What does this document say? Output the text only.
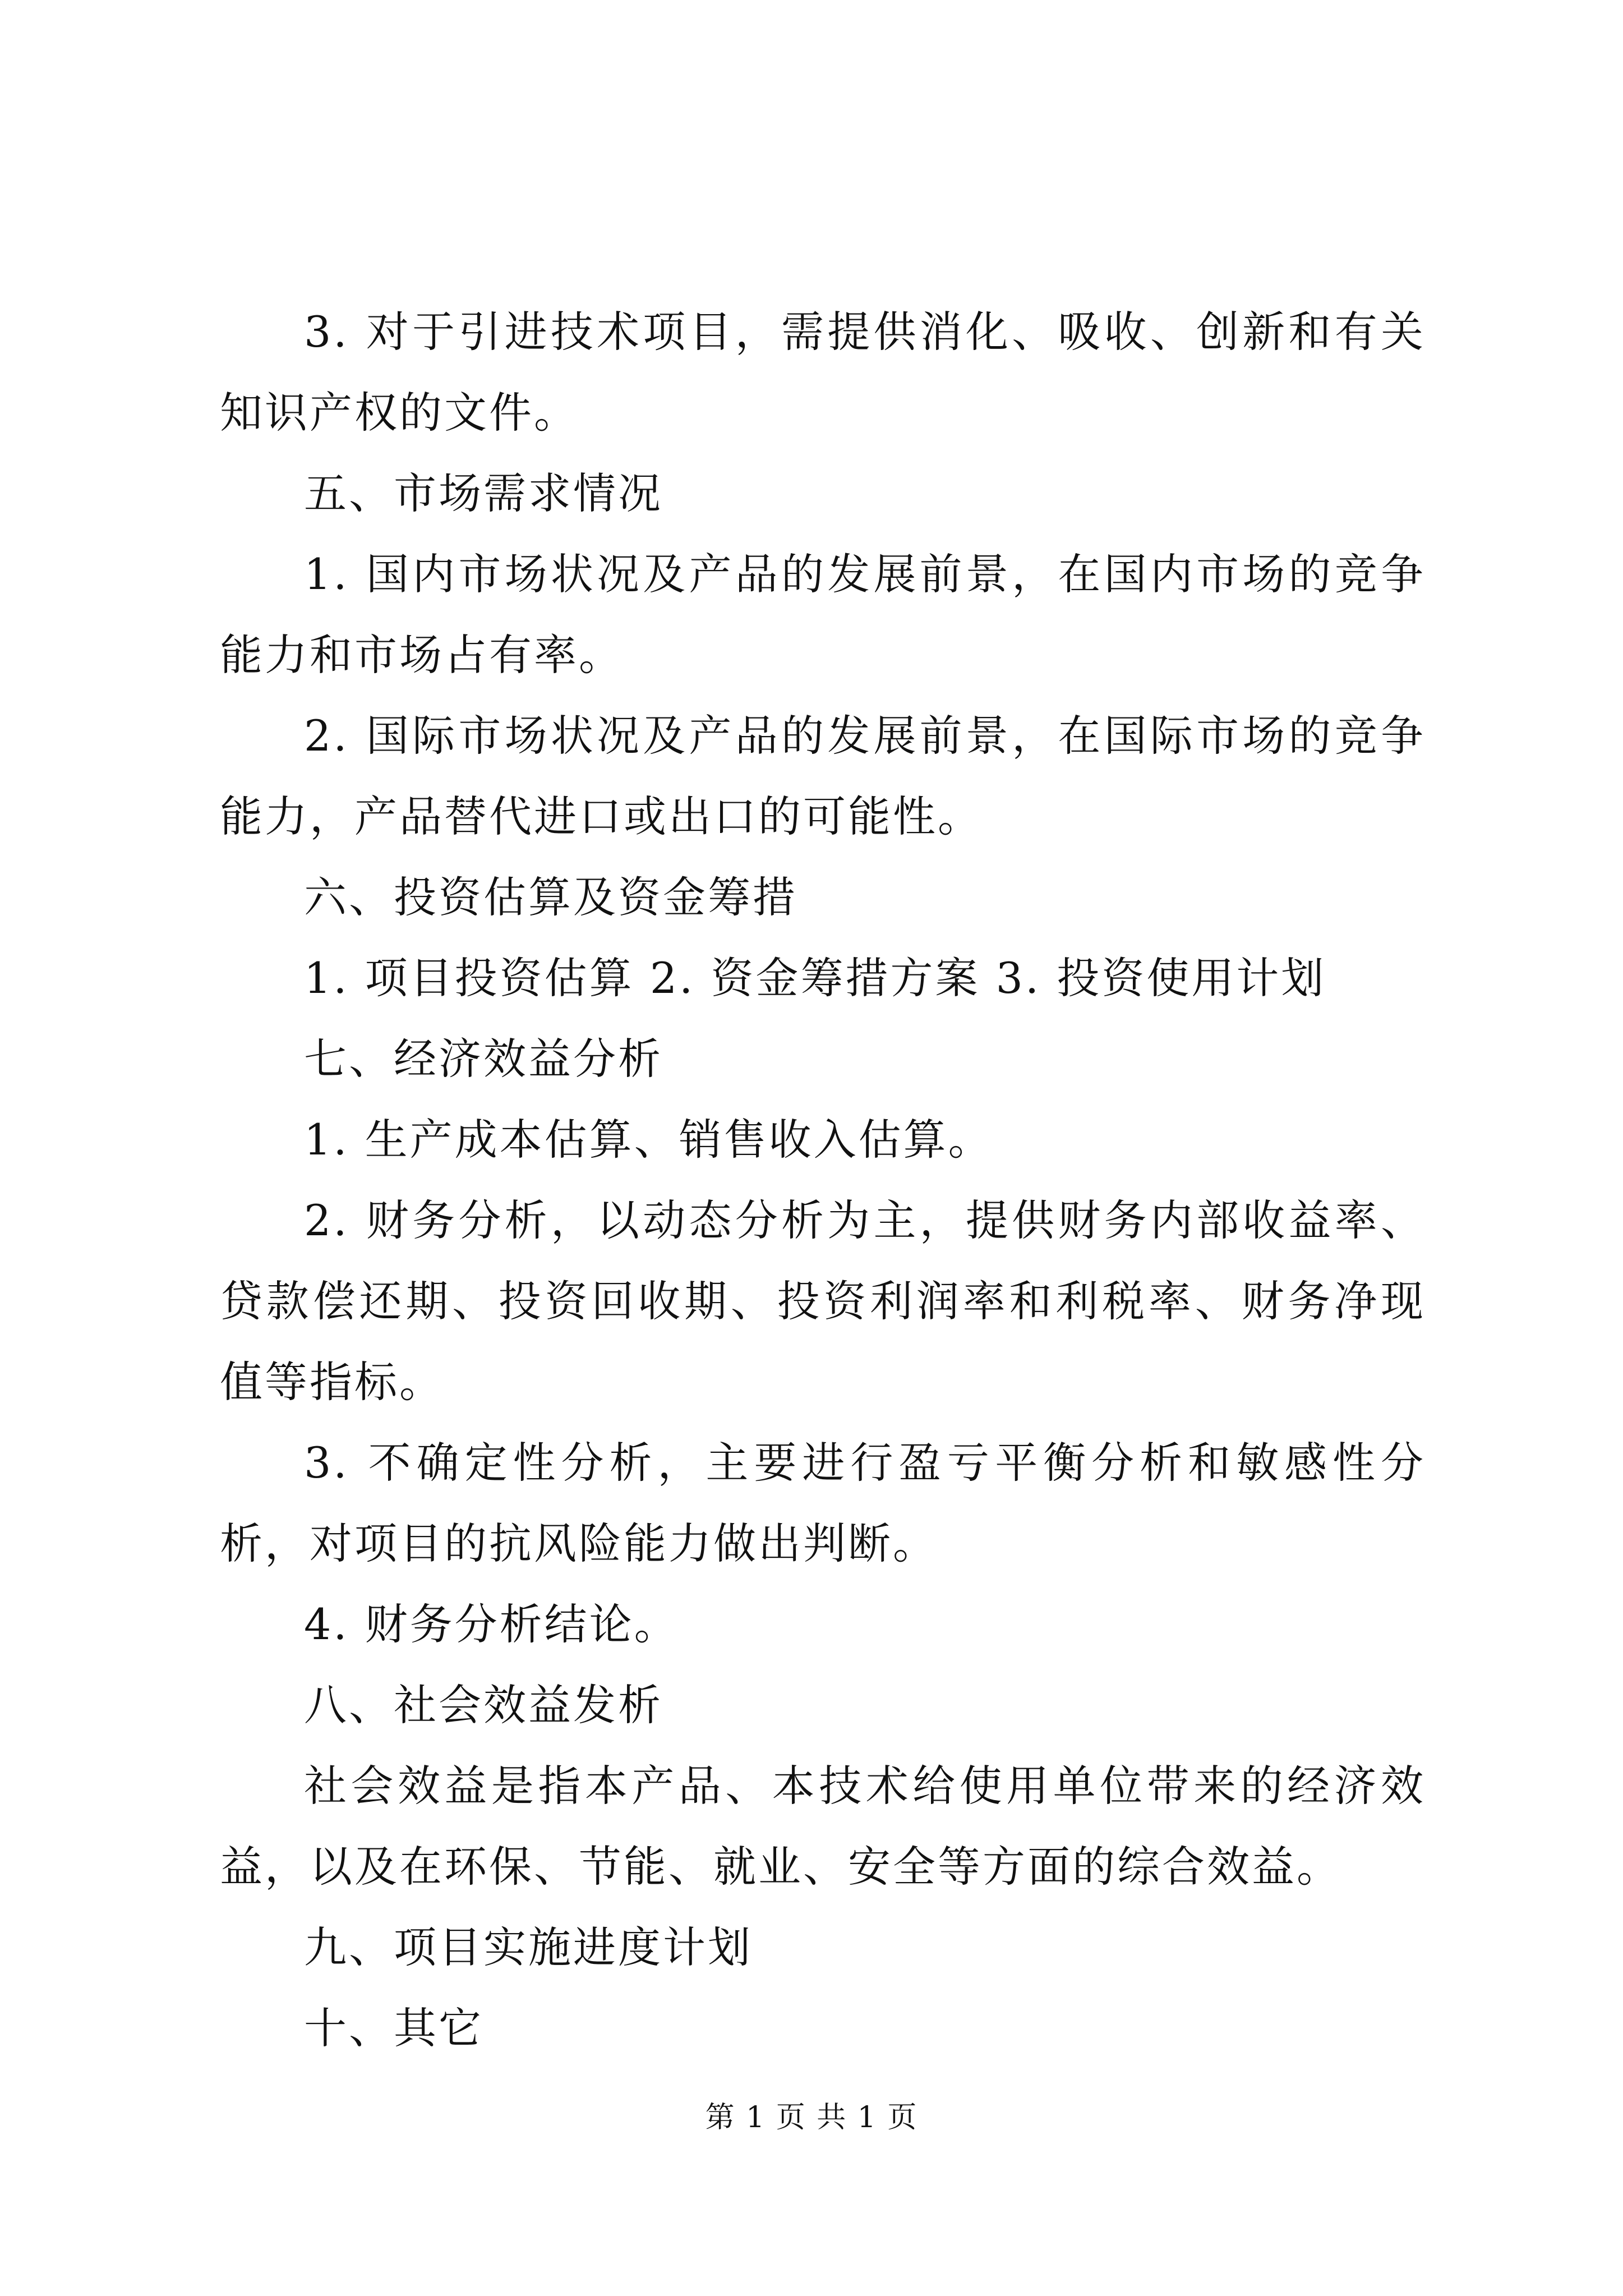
3. 对于引进技术项目，需提供消化、吸收、创新和有关知识产权的文件。

五、市场需求情况

1. 国内市场状况及产品的发展前景，在国内市场的竞争能力和市场占有率。

2. 国际市场状况及产品的发展前景，在国际市场的竞争能力，产品替代进口或出口的可能性。

六、投资估算及资金筹措

1. 项目投资估算 2. 资金筹措方案 3. 投资使用计划

七、经济效益分析

1. 生产成本估算、销售收入估算。

2. 财务分析，以动态分析为主，提供财务内部收益率、贷款偿还期、投资回收期、投资利润率和利税率、财务净现值等指标。

3. 不确定性分析，主要进行盈亏平衡分析和敏感性分析，对项目的抗风险能力做出判断。

4. 财务分析结论。

八、社会效益发析

社会效益是指本产品、本技术给使用单位带来的经济效益，以及在环保、节能、就业、安全等方面的综合效益。

九、项目实施进度计划

十、其它

第 1 页 共 1 页
